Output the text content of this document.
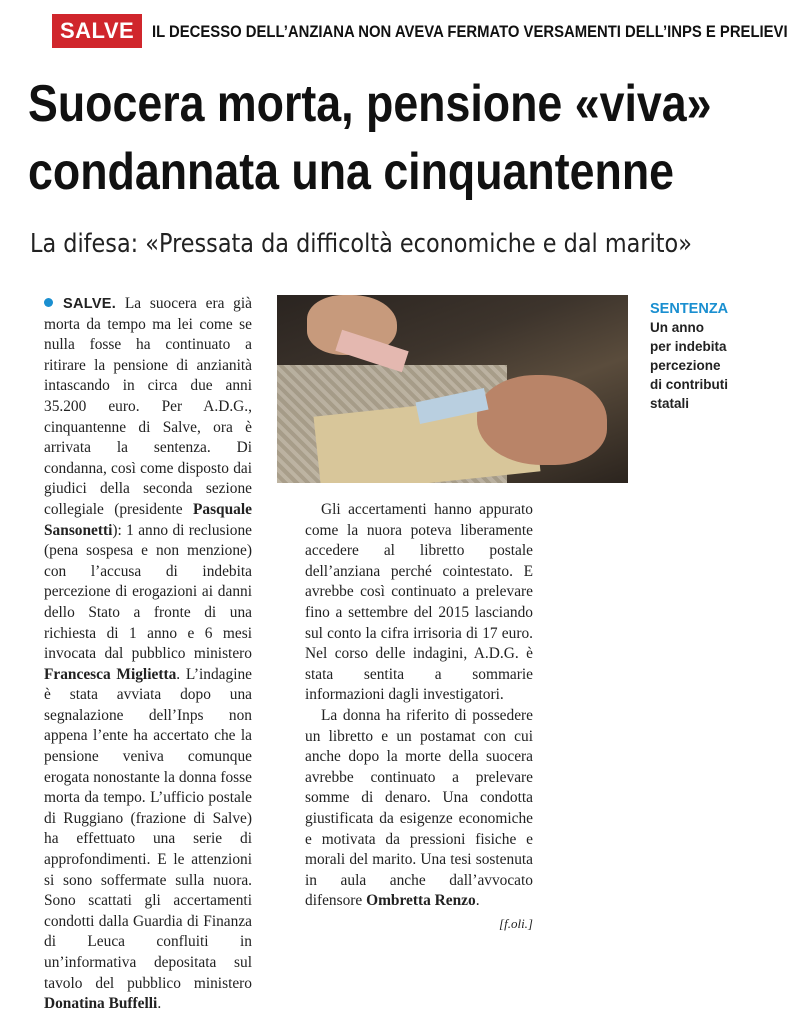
SALVE	IL DECESSO DELL’ANZIANA NON AVEVA FERMATO VERSAMENTI DELL’INPS E PRELIEVI
Suocera morta, pensione «viva»
condannata una cinquantenne
La difesa: «Pressata da difficoltà economiche e dal marito»

SALVE. La suocera era già morta da tempo ma lei come se nulla fosse ha continuato a ritirare la pensione di anzianità intascando in circa due anni 35.200 euro. Per A.D.G., cinquantenne di Salve, ora è arrivata la sentenza. Di condanna, così come disposto dai giudici della seconda sezione collegiale (presidente Pasquale Sansonetti): 1 anno di reclusione (pena sospesa e non menzione) con l’accusa di indebita percezione di erogazioni ai danni dello Stato a fronte di una richiesta di 1 anno e 6 mesi invocata dal pubblico ministero Francesca Miglietta. L’indagine è stata avviata dopo una segnalazione dell’Inps non appena l’ente ha accertato che la pensione veniva comunque erogata nonostante la donna fosse morta da tempo. L’ufficio postale di Ruggiano (frazione di Salve) ha effettuato una serie di approfondimenti. E le attenzioni si sono soffermate sulla nuora. Sono scattati gli accertamenti condotti dalla Guardia di Finanza di Leuca confluiti in un’informativa depositata sul tavolo del pubblico ministero Donatina Buffelli.

SENTENZA
Un anno
per indebita
percezione
di contributi
statali

Gli accertamenti hanno appurato come la nuora poteva liberamente accedere al libretto postale dell’anziana perché cointestato. E avrebbe così continuato a prelevare fino a settembre del 2015 lasciando sul conto la cifra irrisoria di 17 euro. Nel corso delle indagini, A.D.G. è stata sentita a sommarie informazioni dagli investigatori.

La donna ha riferito di possedere un libretto e un postamat con cui anche dopo la morte della suocera avrebbe continuato a prelevare somme di denaro. Una condotta giustificata da esigenze economiche e motivata da pressioni fisiche e morali del marito. Una tesi sostenuta in aula anche dall’avvocato difensore Ombretta Renzo.

[f.oli.]
